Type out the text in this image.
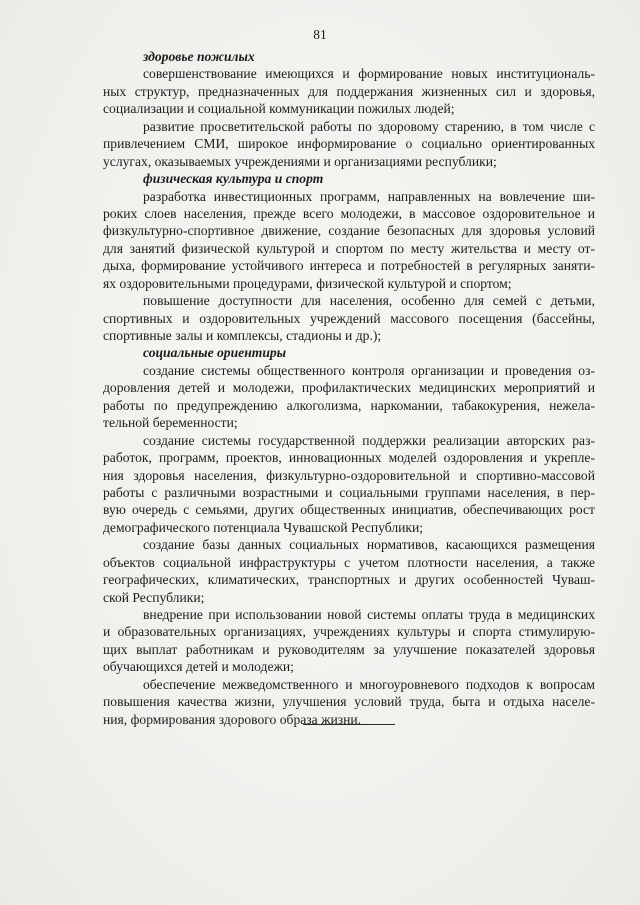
81
здоровье пожилых
совершенствование имеющихся и формирование новых институциональ-
ных структур, предназначенных для поддержания жизненных сил и здоровья,
социализации и социальной коммуникации пожилых людей;
развитие просветительской работы по здоровому старению, в том числе с
привлечением СМИ, широкое информирование о социально ориентированных
услугах, оказываемых учреждениями и организациями республики;
физическая культура и спорт
разработка инвестиционных программ, направленных на вовлечение ши-
роких слоев населения, прежде всего молодежи, в массовое оздоровительное и
физкультурно-спортивное движение, создание безопасных для здоровья условий
для занятий физической культурой и спортом по месту жительства и месту от-
дыха, формирование устойчивого интереса и потребностей в регулярных заняти-
ях оздоровительными процедурами, физической культурой и спортом;
повышение доступности для населения, особенно для семей с детьми,
спортивных и оздоровительных учреждений массового посещения (бассейны,
спортивные залы и комплексы, стадионы и др.);
социальные ориентиры
создание системы общественного контроля организации и проведения оз-
доровления детей и молодежи, профилактических медицинских мероприятий и
работы по предупреждению алкоголизма, наркомании, табакокурения, нежела-
тельной беременности;
создание системы государственной поддержки реализации авторских раз-
работок, программ, проектов, инновационных моделей оздоровления и укрепле-
ния здоровья населения, физкультурно-оздоровительной и спортивно-массовой
работы с различными возрастными и социальными группами населения, в пер-
вую очередь с семьями, других общественных инициатив, обеспечивающих рост
демографического потенциала Чувашской Республики;
создание базы данных социальных нормативов, касающихся размещения
объектов социальной инфраструктуры с учетом плотности населения, а также
географических, климатических, транспортных и других особенностей Чуваш-
ской Республики;
внедрение при использовании новой системы оплаты труда в медицинских
и образовательных организациях, учреждениях культуры и спорта стимулирую-
щих выплат работникам и руководителям за улучшение показателей здоровья
обучающихся детей и молодежи;
обеспечение межведомственного и многоуровневого подходов к вопросам
повышения качества жизни, улучшения условий труда, быта и отдыха населе-
ния, формирования здорового образа жизни.
